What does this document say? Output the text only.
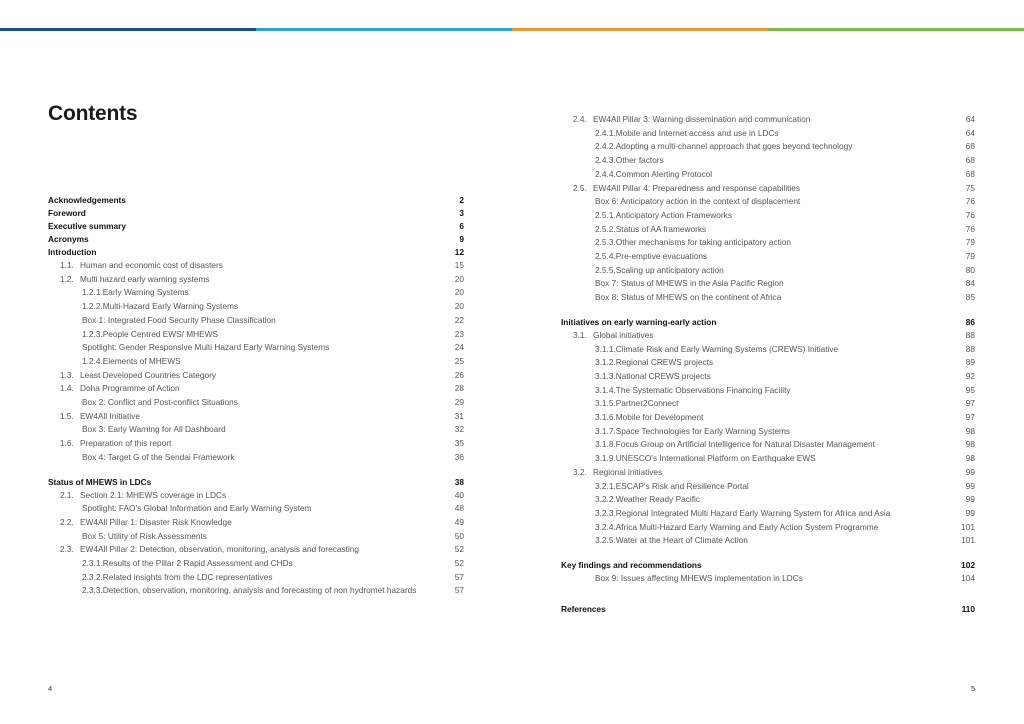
Contents
Acknowledgements	2
Foreword	3
Executive summary	6
Acronyms	9
Introduction	12
1.1. Human and economic cost of disasters	15
1.2. Multi hazard early warning systems	20
1.2.1.Early Warning Systems	20
1.2.2.Multi-Hazard Early Warning Systems	20
Box 1: Integrated Food Security Phase Classification	22
1.2.3.People Centred EWS/ MHEWS	23
Spotlight: Gender Responsive Multi Hazard Early Warning Systems	24
1.2.4.Elements of MHEWS	25
1.3. Least Developed Countries Category	26
1.4. Doha Programme of Action	28
Box 2: Conflict and Post-conflict Situations	29
1.5. EW4All Initiative	31
Box 3: Early Warning for All Dashboard	32
1.6. Preparation of this report	35
Box 4: Target G of the Sendai Framework	36
Status of MHEWS in LDCs	38
2.1. Section 2.1: MHEWS coverage in LDCs	40
Spotlight: FAO's Global Information and Early Warning System	48
2.2. EW4All Pillar 1: Disaster Risk Knowledge	49
Box 5: Utility of Risk Assessments	50
2.3. EW4All Pillar 2: Detection, observation, monitoring, analysis and forecasting	52
2.3.1.Results of the Pillar 2 Rapid Assessment and CHDs	52
2.3.2.Related insights from the LDC representatives	57
2.3.3.Detection, observation, monitoring, analysis and forecasting of non hydromet hazards	57
2.4. EW4All Pillar 3: Warning dissemination and communication	64
2.4.1.Mobile and Internet access and use in LDCs	64
2.4.2.Adopting a multi-channel approach that goes beyond technology	68
2.4.3.Other factors	68
2.4.4.Common Alerting Protocol	68
2.5. EW4All Pillar 4: Preparedness and response capabilities	75
Box 6: Anticipatory action in the context of displacement	76
2.5.1.Anticipatory Action Frameworks	76
2.5.2.Status of AA frameworks	76
2.5.3.Other mechanisms for taking anticipatory action	79
2.5.4.Pre-emptive evacuations	79
2.5.5.Scaling up anticipatory action	80
Box 7: Status of MHEWS in the Asia Pacific Region	84
Box 8: Status of MHEWS on the continent of Africa	85
Initiatives on early warning-early action	86
3.1. Global initiatives	88
3.1.1.Climate Risk and Early Warning Systems (CREWS) Initiative	88
3.1.2.Regional CREWS projects	89
3.1.3.National CREWS projects	92
3.1.4.The Systematic Observations Financing Facility	95
3.1.5.Partner2Connect	97
3.1.6.Mobile for Development	97
3.1.7.Space Technologies for Early Warning Systems	98
3.1.8.Focus Group on Artificial Intelligence for Natural Disaster Management	98
3.1.9.UNESCO's International Platform on Earthquake EWS	98
3.2. Regional initiatives	99
3.2.1.ESCAP's Risk and Resilience Portal	99
3.2.2.Weather Ready Pacific	99
3.2.3.Regional Integrated Multi Hazard Early Warning System for Africa and Asia	99
3.2.4.Africa Multi-Hazard Early Warning and Early Action System Programme	101
3.2.5.Water at the Heart of Climate Action	101
Key findings and recommendations	102
Box 9: Issues affecting MHEWS implementation in LDCs	104
References	110
4	5
